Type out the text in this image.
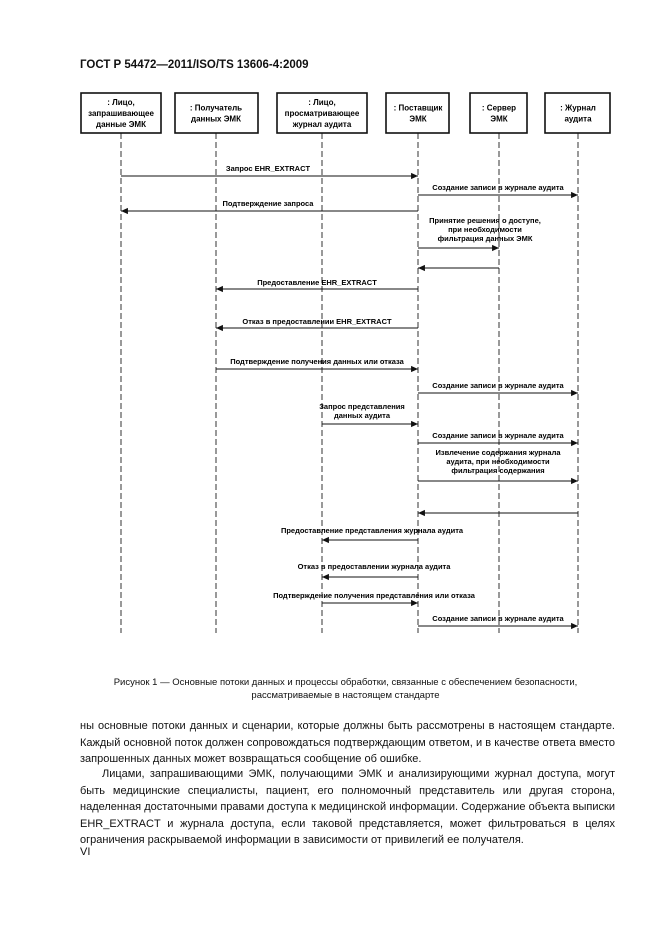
ГОСТ Р 54472—2011/ISO/TS 13606-4:2009
: Лицо,
запрашивающее
данные ЭМК
: Получатель
данных ЭМК
: Лицо,
просматривающее
журнал аудита
: Поставщик
ЭМК
: Сервер
ЭМК
: Журнал
аудита
Запрос EHR_EXTRACT
Создание записи в журнале аудита
Подтверждение запроса
Принятие решения о доступе,
при необходимости
фильтрация данных ЭМК
Предоставление EHR_EXTRACT
Отказ в предоставлении EHR_EXTRACT
Подтверждение получения данных или отказа
Создание записи в журнале аудита
Запрос представления
данных аудита
Создание записи в журнале аудита
Извлечение содержания журнала
аудита, при необходимости
фильтрация содержания
Предоставление представления журнала аудита
Отказ в предоставлении журнала аудита
Подтверждение получения представления или отказа
Создание записи в журнале аудита
Рисунок 1 — Основные потоки данных и процессы обработки, связанные с обеспечением безопасности,
рассматриваемые в настоящем стандарте

ны основные потоки данных и сценарии, которые должны быть рассмотрены в настоящем стандарте. Каждый основной поток должен сопровождаться подтверждающим ответом, и в качестве ответа вместо запрошенных данных может возвращаться сообщение об ошибке.

Лицами, запрашивающими ЭМК, получающими ЭМК и анализирующими журнал доступа, могут быть медицинские специалисты, пациент, его полномочный представитель или другая сторона, наделенная достаточными правами доступа к медицинской информации. Содержание объекта выписки EHR_EXTRACT и журнала доступа, если таковой представляется, может фильтроваться в целях ограничения раскрываемой информации в зависимости от привилегий ее получателя.

VI
